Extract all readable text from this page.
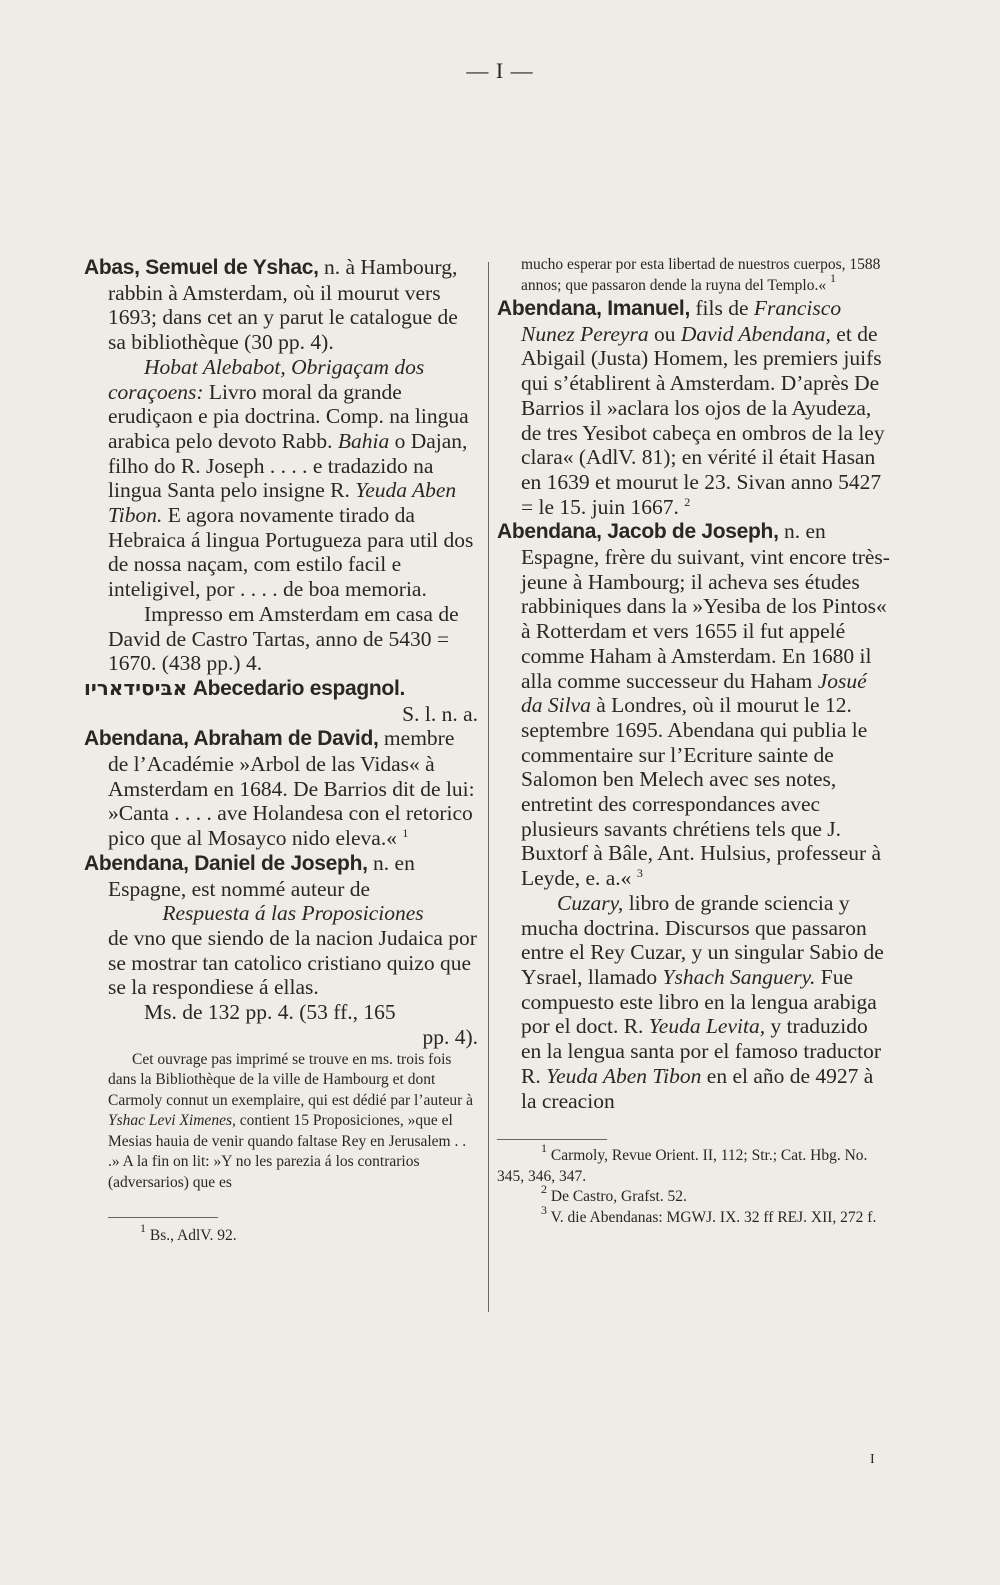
— I —
Abas, Semuel de Yshac, n. à Hambourg, rabbin à Amsterdam, où il mourut vers 1693; dans cet an y parut le catalogue de sa bibliothèque (30 pp. 4).
Hobat Alebabot, Obrigaçam dos coraçoens: Livro moral da grande erudiçaon e pia doctrina. Comp. na lingua arabica pelo devoto Rabb. Bahia o Dajan, filho do R. Joseph . . . . e tradazido na lingua Santa pelo insigne R. Yeuda Aben Tibon. E agora novamente tirado da Hebraica á lingua Portugueza para util dos de nossa naçam, com estilo facil e inteligivel, por . . . . de boa memoria.
Impresso em Amsterdam em casa de David de Castro Tartas, anno de 5430 = 1670. (438 pp.) 4.
אבּיסידאריו Abecedario espagnol.
S. l. n. a.
Abendana, Abraham de David, membre de l’Académie »Arbol de las Vidas« à Amsterdam en 1684. De Barrios dit de lui: »Canta . . . . ave Holandesa con el retorico pico que al Mosayco nido eleva.« $^1$
Abendana, Daniel de Joseph, n. en Espagne, est nommé auteur de
Respuesta á las Proposiciones
de vno que siendo de la nacion Judaica por se mostrar tan catolico cristiano quizo que se la respondiese á ellas.
Ms. de 132 pp. 4. (53 ff., 165
pp. 4).

Cet ouvrage pas imprimé se trouve en ms. trois fois dans la Bibliothèque de la ville de Hambourg et dont Carmoly connut un exemplaire, qui est dédié par l’auteur à Yshac Levi Ximenes, contient 15 Proposiciones, »que el Mesias hauia de venir quando faltase Rey en Jerusalem . . .» A la fin on lit: »Y no les parezia á los contrarios (adversarios) que es

$^1$ Bs., AdlV. 92.

mucho esperar por esta libertad de nuestros cuerpos, 1588 annos; que passaron dende la ruyna del Templo.« $^1$

Abendana, Imanuel, fils de Francisco Nunez Pereyra ou David Abendana, et de Abigail (Justa) Homem, les premiers juifs qui s’établirent à Amsterdam. D’après De Barrios il »aclara los ojos de la Ayudeza, de tres Yesibot cabeça en ombros de la ley clara« (AdlV. 81); en vérité il était Hasan en 1639 et mourut le 23. Sivan anno 5427 = le 15. juin 1667. $^2$
Abendana, Jacob de Joseph, n. en Espagne, frère du suivant, vint encore très-jeune à Hambourg; il acheva ses études rabbiniques dans la »Yesiba de los Pintos« à Rotterdam et vers 1655 il fut appelé comme Haham à Amsterdam. En 1680 il alla comme successeur du Haham Josué da Silva à Londres, où il mourut le 12. septembre 1695. Abendana qui publia le commentaire sur l’Ecriture sainte de Salomon ben Melech avec ses notes, entretint des correspondances avec plusieurs savants chrétiens tels que J. Buxtorf à Bâle, Ant. Hulsius, professeur à Leyde, e. a.« $^3$
Cuzary, libro de grande sciencia y mucha doctrina. Discursos que passaron entre el Rey Cuzar, y un singular Sabio de Ysrael, llamado Yshach Sanguery. Fue compuesto este libro en la lengua arabiga por el doct. R. Yeuda Levita, y traduzido en la lengua santa por el famoso traductor R. Yeuda Aben Tibon en el año de 4927 à la creacion

$^1$ Carmoly, Revue Orient. II, 112; Str.; Cat. Hbg. No. 345, 346, 347.

$^2$ De Castro, Grafst. 52.

$^3$ V. die Abendanas: MGWJ. IX. 32 ff REJ. XII, 272 f.

I
